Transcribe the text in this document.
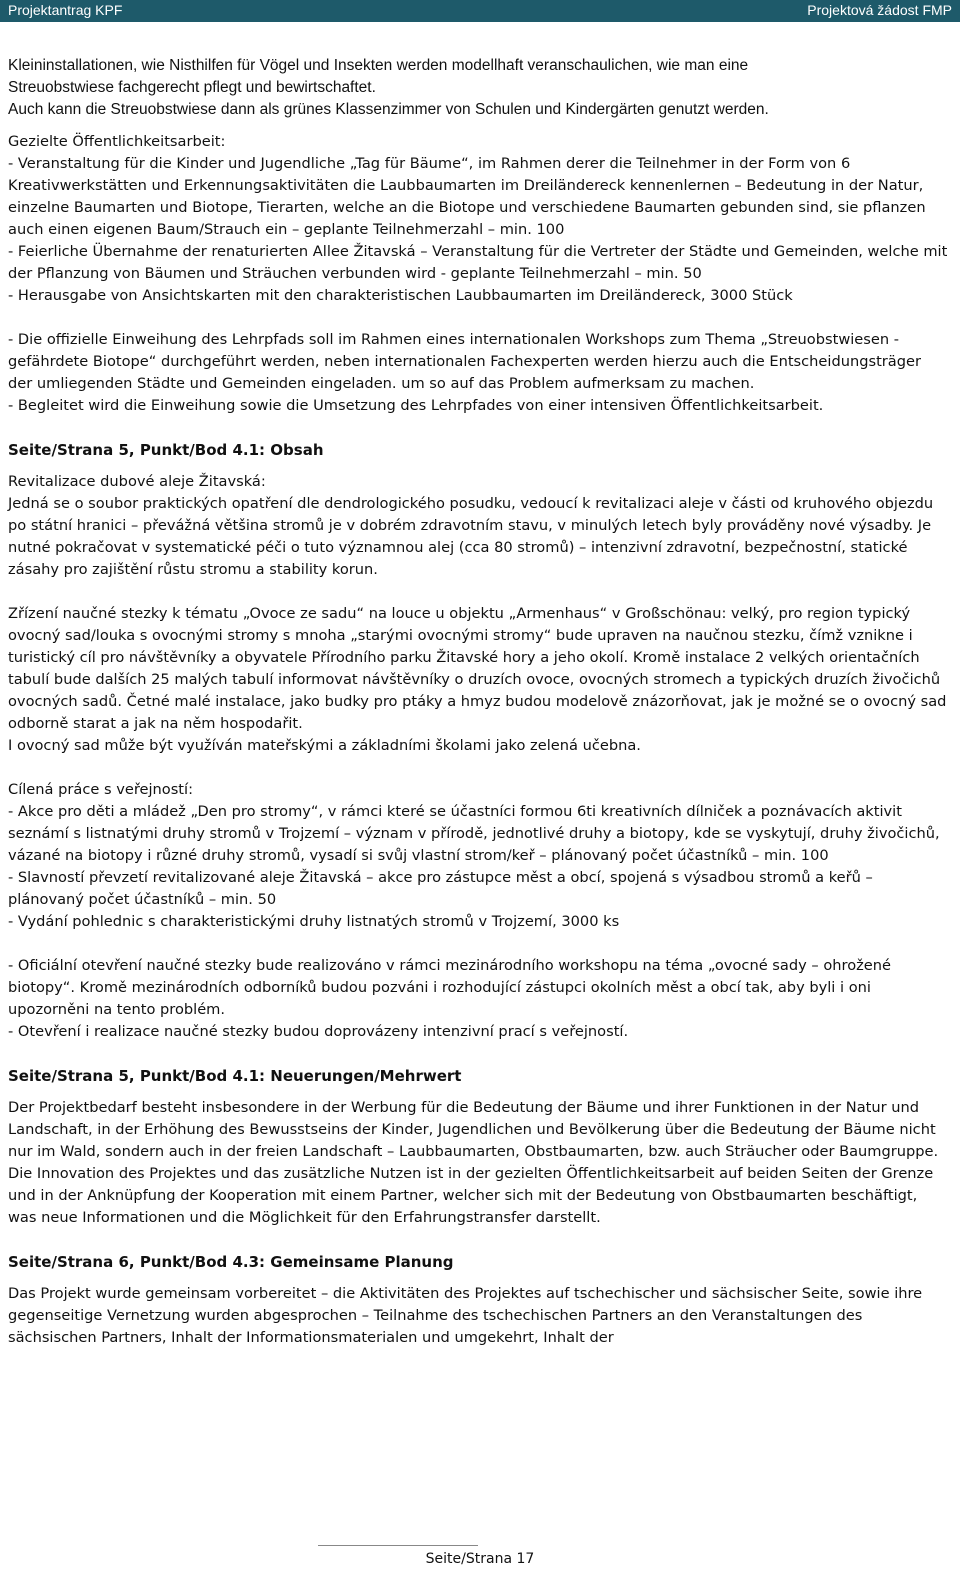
Projektantrag KPF	Projektová žádost FMP

Kleininstallationen, wie Nisthilfen für Vögel und Insekten werden modellhaft veranschaulichen, wie man eine

Streuobstwiese fachgerecht pflegt und bewirtschaftet.

Auch kann die Streuobstwiese dann als grünes Klassenzimmer von Schulen und Kindergärten genutzt werden.

Gezielte Öffentlichkeitsarbeit:

- Veranstaltung für die Kinder und Jugendliche „Tag für Bäume“, im Rahmen derer die Teilnehmer in der Form von 6 Kreativwerkstätten und Erkennungsaktivitäten die Laubbaumarten im Dreiländereck kennenlernen – Bedeutung in der Natur, einzelne Baumarten und Biotope, Tierarten, welche an die Biotope und verschiedene Baumarten gebunden sind, sie pflanzen auch einen eigenen Baum/Strauch ein – geplante Teilnehmerzahl – min. 100

- Feierliche Übernahme der renaturierten Allee Žitavská – Veranstaltung für die Vertreter der Städte und Gemeinden, welche mit der Pflanzung von Bäumen und Sträuchen verbunden wird - geplante Teilnehmerzahl – min. 50

- Herausgabe von Ansichtskarten mit den charakteristischen Laubbaumarten im Dreiländereck, 3000 Stück

- Die offizielle Einweihung des Lehrpfads soll im Rahmen eines internationalen Workshops zum Thema „Streuobstwiesen - gefährdete Biotope“ durchgeführt werden, neben internationalen Fachexperten werden hierzu auch die Entscheidungsträger der umliegenden Städte und Gemeinden eingeladen. um so auf das Problem aufmerksam zu machen.

- Begleitet wird die Einweihung sowie die Umsetzung des Lehrpfades von einer intensiven Öffentlichkeitsarbeit.

Seite/Strana 5, Punkt/Bod 4.1: Obsah

Revitalizace dubové aleje Žitavská:

Jedná se o soubor praktických opatření dle dendrologického posudku, vedoucí k revitalizaci aleje v části od kruhového objezdu po státní hranici – převážná většina stromů je v dobrém zdravotním stavu, v minulých letech byly prováděny nové výsadby. Je nutné pokračovat v systematické péči o tuto významnou alej (cca 80 stromů) – intenzivní zdravotní, bezpečnostní, statické zásahy pro zajištění růstu stromu a stability korun.

Zřízení naučné stezky k tématu „Ovoce ze sadu“ na louce u objektu „Armenhaus“ v Großschönau: velký, pro region typický ovocný sad/louka s ovocnými stromy s mnoha „starými ovocnými stromy“ bude upraven na naučnou stezku, čímž vznikne i turistický cíl pro návštěvníky a obyvatele Přírodního parku Žitavské hory a jeho okolí. Kromě instalace 2 velkých orientačních tabulí bude dalších 25 malých tabulí informovat návštěvníky o druzích ovoce, ovocných stromech a typických druzích živočichů ovocných sadů. Četné malé instalace, jako budky pro ptáky a hmyz budou modelově znázorňovat, jak je možné se o ovocný sad odborně starat a jak na něm hospodařit.

I ovocný sad může být využíván mateřskými a základními školami jako zelená učebna.

Cílená práce s veřejností:

- Akce pro děti a mládež „Den pro stromy“, v rámci které se účastníci formou 6ti kreativních dílniček a poznávacích aktivit seznámí s listnatými druhy stromů v Trojzemí – význam v přírodě, jednotlivé druhy a biotopy, kde se vyskytují, druhy živočichů, vázané na biotopy i různé druhy stromů, vysadí si svůj vlastní strom/keř – plánovaný počet účastníků – min. 100

- Slavností převzetí revitalizované aleje Žitavská – akce pro zástupce měst a obcí, spojená s výsadbou stromů a keřů – plánovaný počet účastníků – min. 50

- Vydání pohlednic s charakteristickými druhy listnatých stromů v Trojzemí, 3000 ks

- Oficiální otevření naučné stezky bude realizováno v rámci mezinárodního workshopu na téma „ovocné sady – ohrožené biotopy“. Kromě mezinárodních odborníků budou pozváni i rozhodující zástupci okolních měst a obcí tak, aby byli i oni upozorněni na tento problém.

- Otevření i realizace naučné stezky budou doprovázeny intenzivní prací s veřejností.

Seite/Strana 5, Punkt/Bod 4.1: Neuerungen/Mehrwert

Der Projektbedarf besteht insbesondere in der Werbung für die Bedeutung der Bäume und ihrer Funktionen in der Natur und Landschaft, in der Erhöhung des Bewusstseins der Kinder, Jugendlichen und Bevölkerung über die Bedeutung der Bäume nicht nur im Wald, sondern auch in der freien Landschaft – Laubbaumarten, Obstbaumarten, bzw. auch Sträucher oder Baumgruppe. Die Innovation des Projektes und das zusätzliche Nutzen ist in der gezielten Öffentlichkeitsarbeit auf beiden Seiten der Grenze und in der Anknüpfung der Kooperation mit einem Partner, welcher sich mit der Bedeutung von Obstbaumarten beschäftigt, was neue Informationen und die Möglichkeit für den Erfahrungstransfer darstellt.

Seite/Strana 6, Punkt/Bod 4.3: Gemeinsame Planung

Das Projekt wurde gemeinsam vorbereitet – die Aktivitäten des Projektes auf tschechischer und sächsischer Seite, sowie ihre gegenseitige Vernetzung wurden abgesprochen – Teilnahme des tschechischen Partners an den Veranstaltungen des sächsischen Partners, Inhalt der Informationsmaterialen und umgekehrt, Inhalt der

Seite/Strana 17
